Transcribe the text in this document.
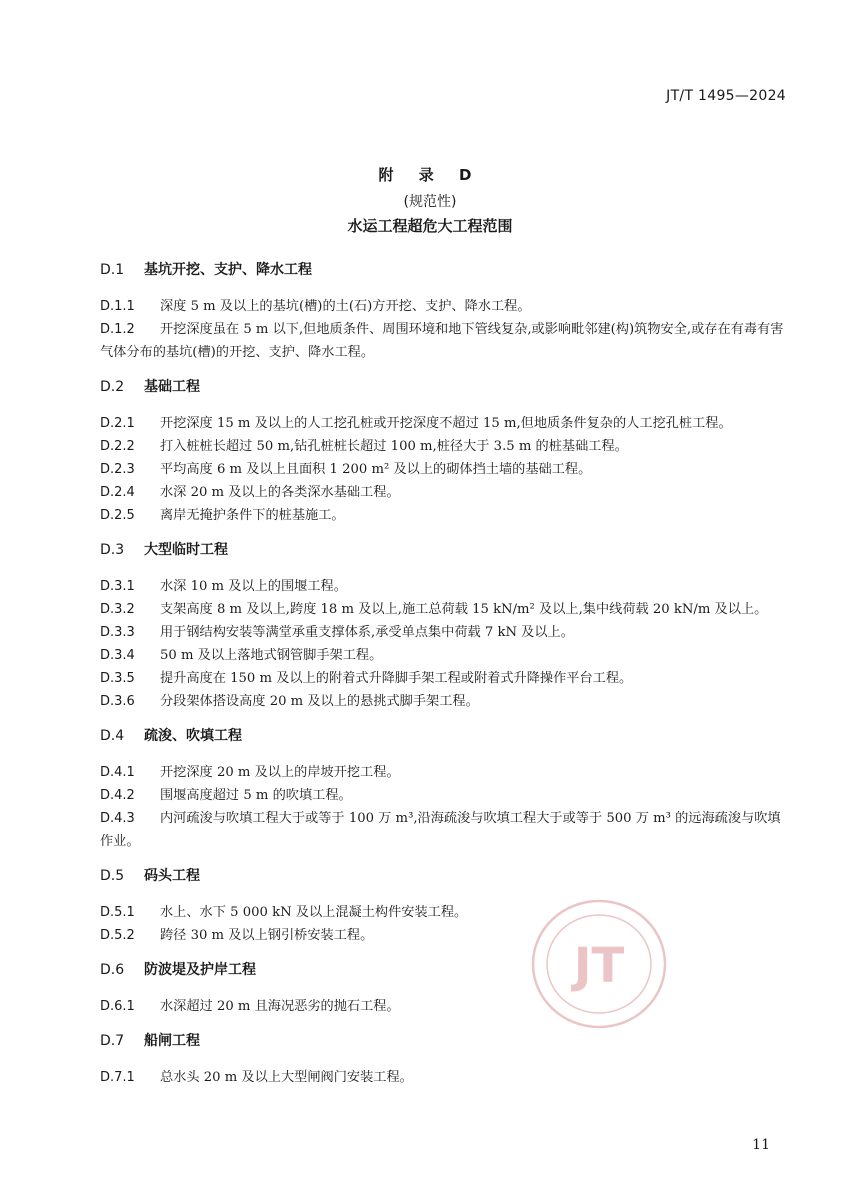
JT/T 1495—2024
附 录 D
(规范性)
水运工程超危大工程范围
D.1 基坑开挖、支护、降水工程

D.1.1 深度 5 m 及以上的基坑(槽)的土(石)方开挖、支护、降水工程。

D.1.2 开挖深度虽在 5 m 以下,但地质条件、周围环境和地下管线复杂,或影响毗邻建(构)筑物安全,或存在有毒有害气体分布的基坑(槽)的开挖、支护、降水工程。

D.2 基础工程

D.2.1 开挖深度 15 m 及以上的人工挖孔桩或开挖深度不超过 15 m,但地质条件复杂的人工挖孔桩工程。

D.2.2 打入桩桩长超过 50 m,钻孔桩桩长超过 100 m,桩径大于 3.5 m 的桩基础工程。

D.2.3 平均高度 6 m 及以上且面积 1 200 m² 及以上的砌体挡土墙的基础工程。

D.2.4 水深 20 m 及以上的各类深水基础工程。

D.2.5 离岸无掩护条件下的桩基施工。

D.3 大型临时工程

D.3.1 水深 10 m 及以上的围堰工程。

D.3.2 支架高度 8 m 及以上,跨度 18 m 及以上,施工总荷载 15 kN/m² 及以上,集中线荷载 20 kN/m 及以上。

D.3.3 用于钢结构安装等满堂承重支撑体系,承受单点集中荷载 7 kN 及以上。

D.3.4 50 m 及以上落地式钢管脚手架工程。

D.3.5 提升高度在 150 m 及以上的附着式升降脚手架工程或附着式升降操作平台工程。

D.3.6 分段架体搭设高度 20 m 及以上的悬挑式脚手架工程。

D.4 疏浚、吹填工程

D.4.1 开挖深度 20 m 及以上的岸坡开挖工程。

D.4.2 围堰高度超过 5 m 的吹填工程。

D.4.3 内河疏浚与吹填工程大于或等于 100 万 m³,沿海疏浚与吹填工程大于或等于 500 万 m³ 的远海疏浚与吹填作业。

D.5 码头工程

D.5.1 水上、水下 5 000 kN 及以上混凝土构件安装工程。

D.5.2 跨径 30 m 及以上钢引桥安装工程。

D.6 防波堤及护岸工程

D.6.1 水深超过 20 m 且海况恶劣的抛石工程。

D.7 船闸工程

D.7.1 总水头 20 m 及以上大型闸阀门安装工程。

JT
11
